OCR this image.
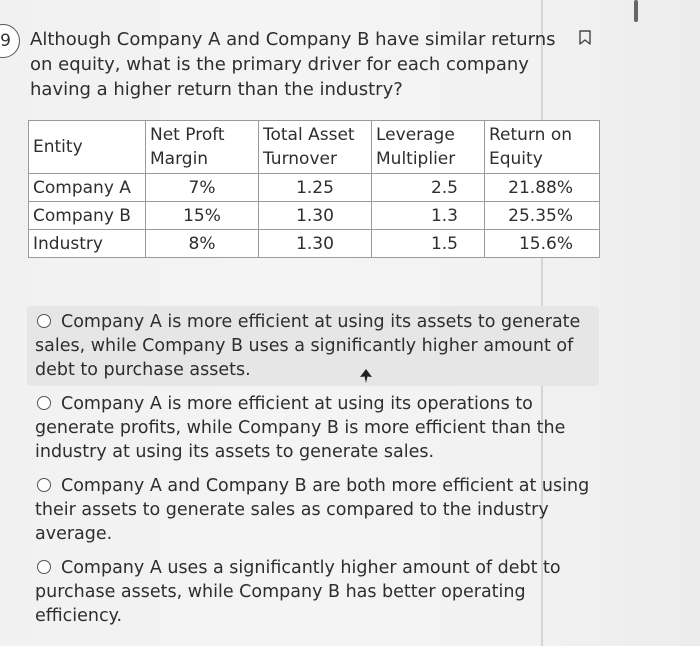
9 Although Company A and Company B have similar returns on equity, what is the primary driver for each company having a higher return than the industry?
Entity	Net Proft Margin	Total Asset Turnover	Leverage Multiplier	Return on Equity
Company A	7%	1.25	2.5	21.88%
Company B	15%	1.30	1.3	25.35%
Industry	8%	1.30	1.5	15.6%
Company A is more efficient at using its assets to generate sales, while Company B uses a significantly higher amount of debt to purchase assets.
Company A is more efficient at using its operations to generate profits, while Company B is more efficient than the industry at using its assets to generate sales.
Company A and Company B are both more efficient at using their assets to generate sales as compared to the industry average.
Company A uses a significantly higher amount of debt to purchase assets, while Company B has better operating efficiency.
